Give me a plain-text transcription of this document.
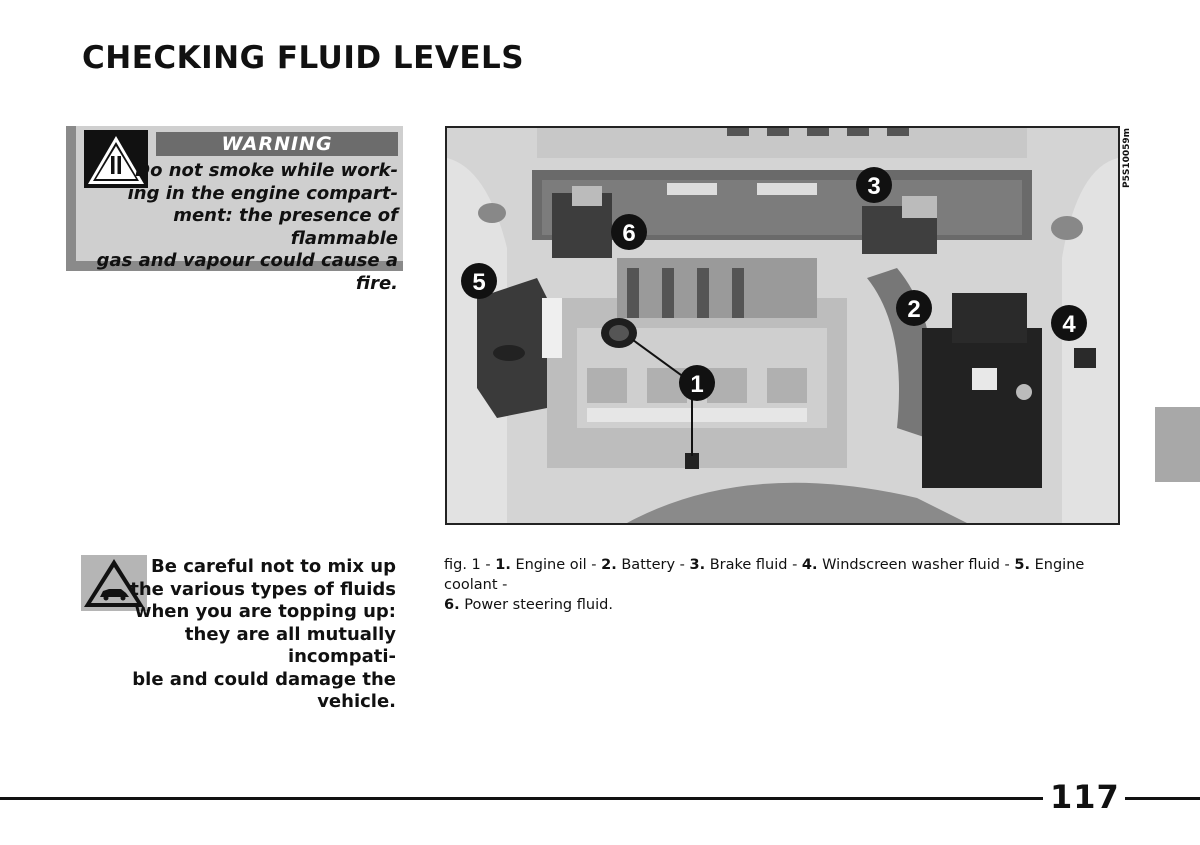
CHECKING FLUID LEVELS
WARNING
Do not smoke while work-
ing in the engine compart-
ment: the presence of flammable
gas and vapour could cause a fire.
Be careful not to mix up
the various types of fluids
when you are topping up:
they are all mutually incompati-
ble and could damage the vehicle.
1
2
3
4
5
6
P5S10059m
fig. 1 - 1. Engine oil - 2. Battery - 3. Brake fluid - 4. Windscreen washer fluid - 5. Engine coolant -
6. Power steering fluid.
117
